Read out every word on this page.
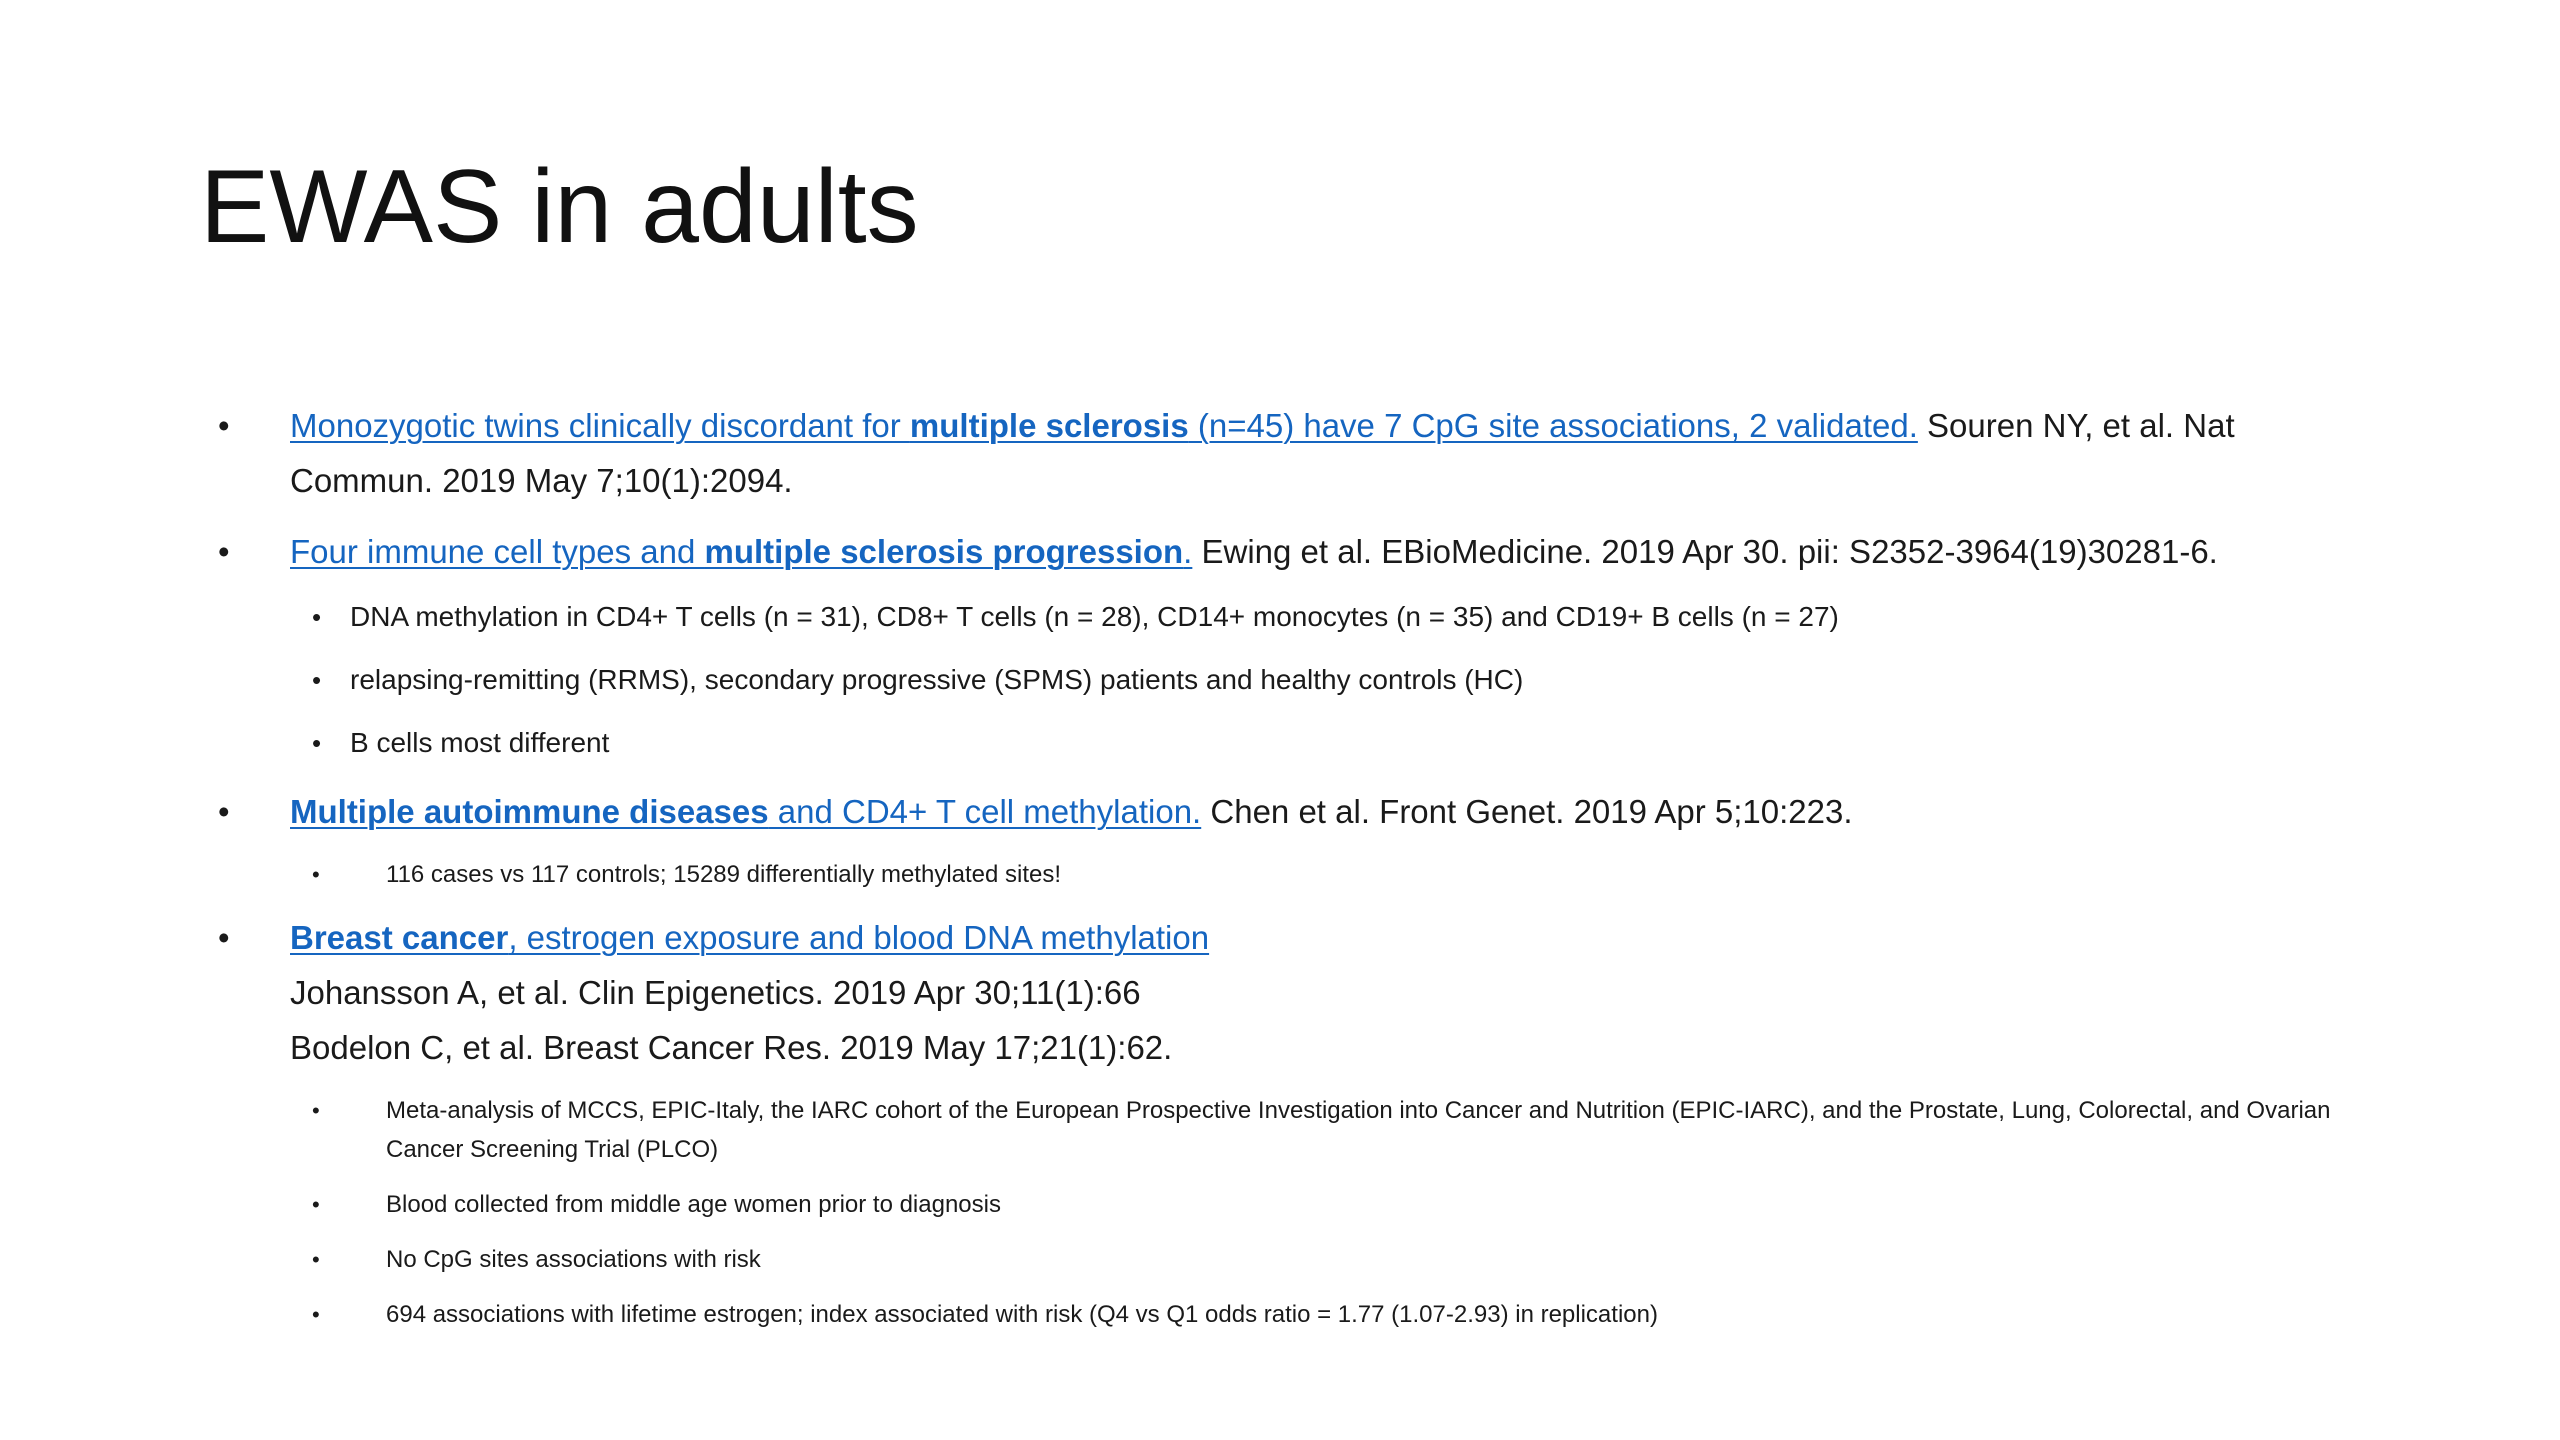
EWAS in adults
• Monozygotic twins clinically discordant for multiple sclerosis (n=45) have 7 CpG site associations, 2 validated. Souren NY, et al. Nat Commun. 2019 May 7;10(1):2094.
• Four immune cell types and multiple sclerosis progression. Ewing et al. EBioMedicine. 2019 Apr 30. pii: S2352-3964(19)30281-6.
• DNA methylation in CD4+ T cells (n = 31), CD8+ T cells (n = 28), CD14+ monocytes (n = 35) and CD19+ B cells (n = 27)
• relapsing-remitting (RRMS), secondary progressive (SPMS) patients and healthy controls (HC)
• B cells most different
• Multiple autoimmune diseases and CD4+ T cell methylation. Chen et al. Front Genet. 2019 Apr 5;10:223.
•	116 cases vs 117 controls; 15289 differentially methylated sites!
• Breast cancer, estrogen exposure and blood DNA methylation
Johansson A, et al. Clin Epigenetics. 2019 Apr 30;11(1):66
Bodelon C, et al. Breast Cancer Res. 2019 May 17;21(1):62.
•	Meta-analysis of MCCS, EPIC-Italy, the IARC cohort of the European Prospective Investigation into Cancer and Nutrition (EPIC-IARC), and the Prostate, Lung, Colorectal, and Ovarian Cancer Screening Trial (PLCO)
•	Blood collected from middle age women prior to diagnosis
•	No CpG sites associations with risk
•	694 associations with lifetime estrogen; index associated with risk (Q4 vs Q1 odds ratio = 1.77 (1.07-2.93) in replication)
